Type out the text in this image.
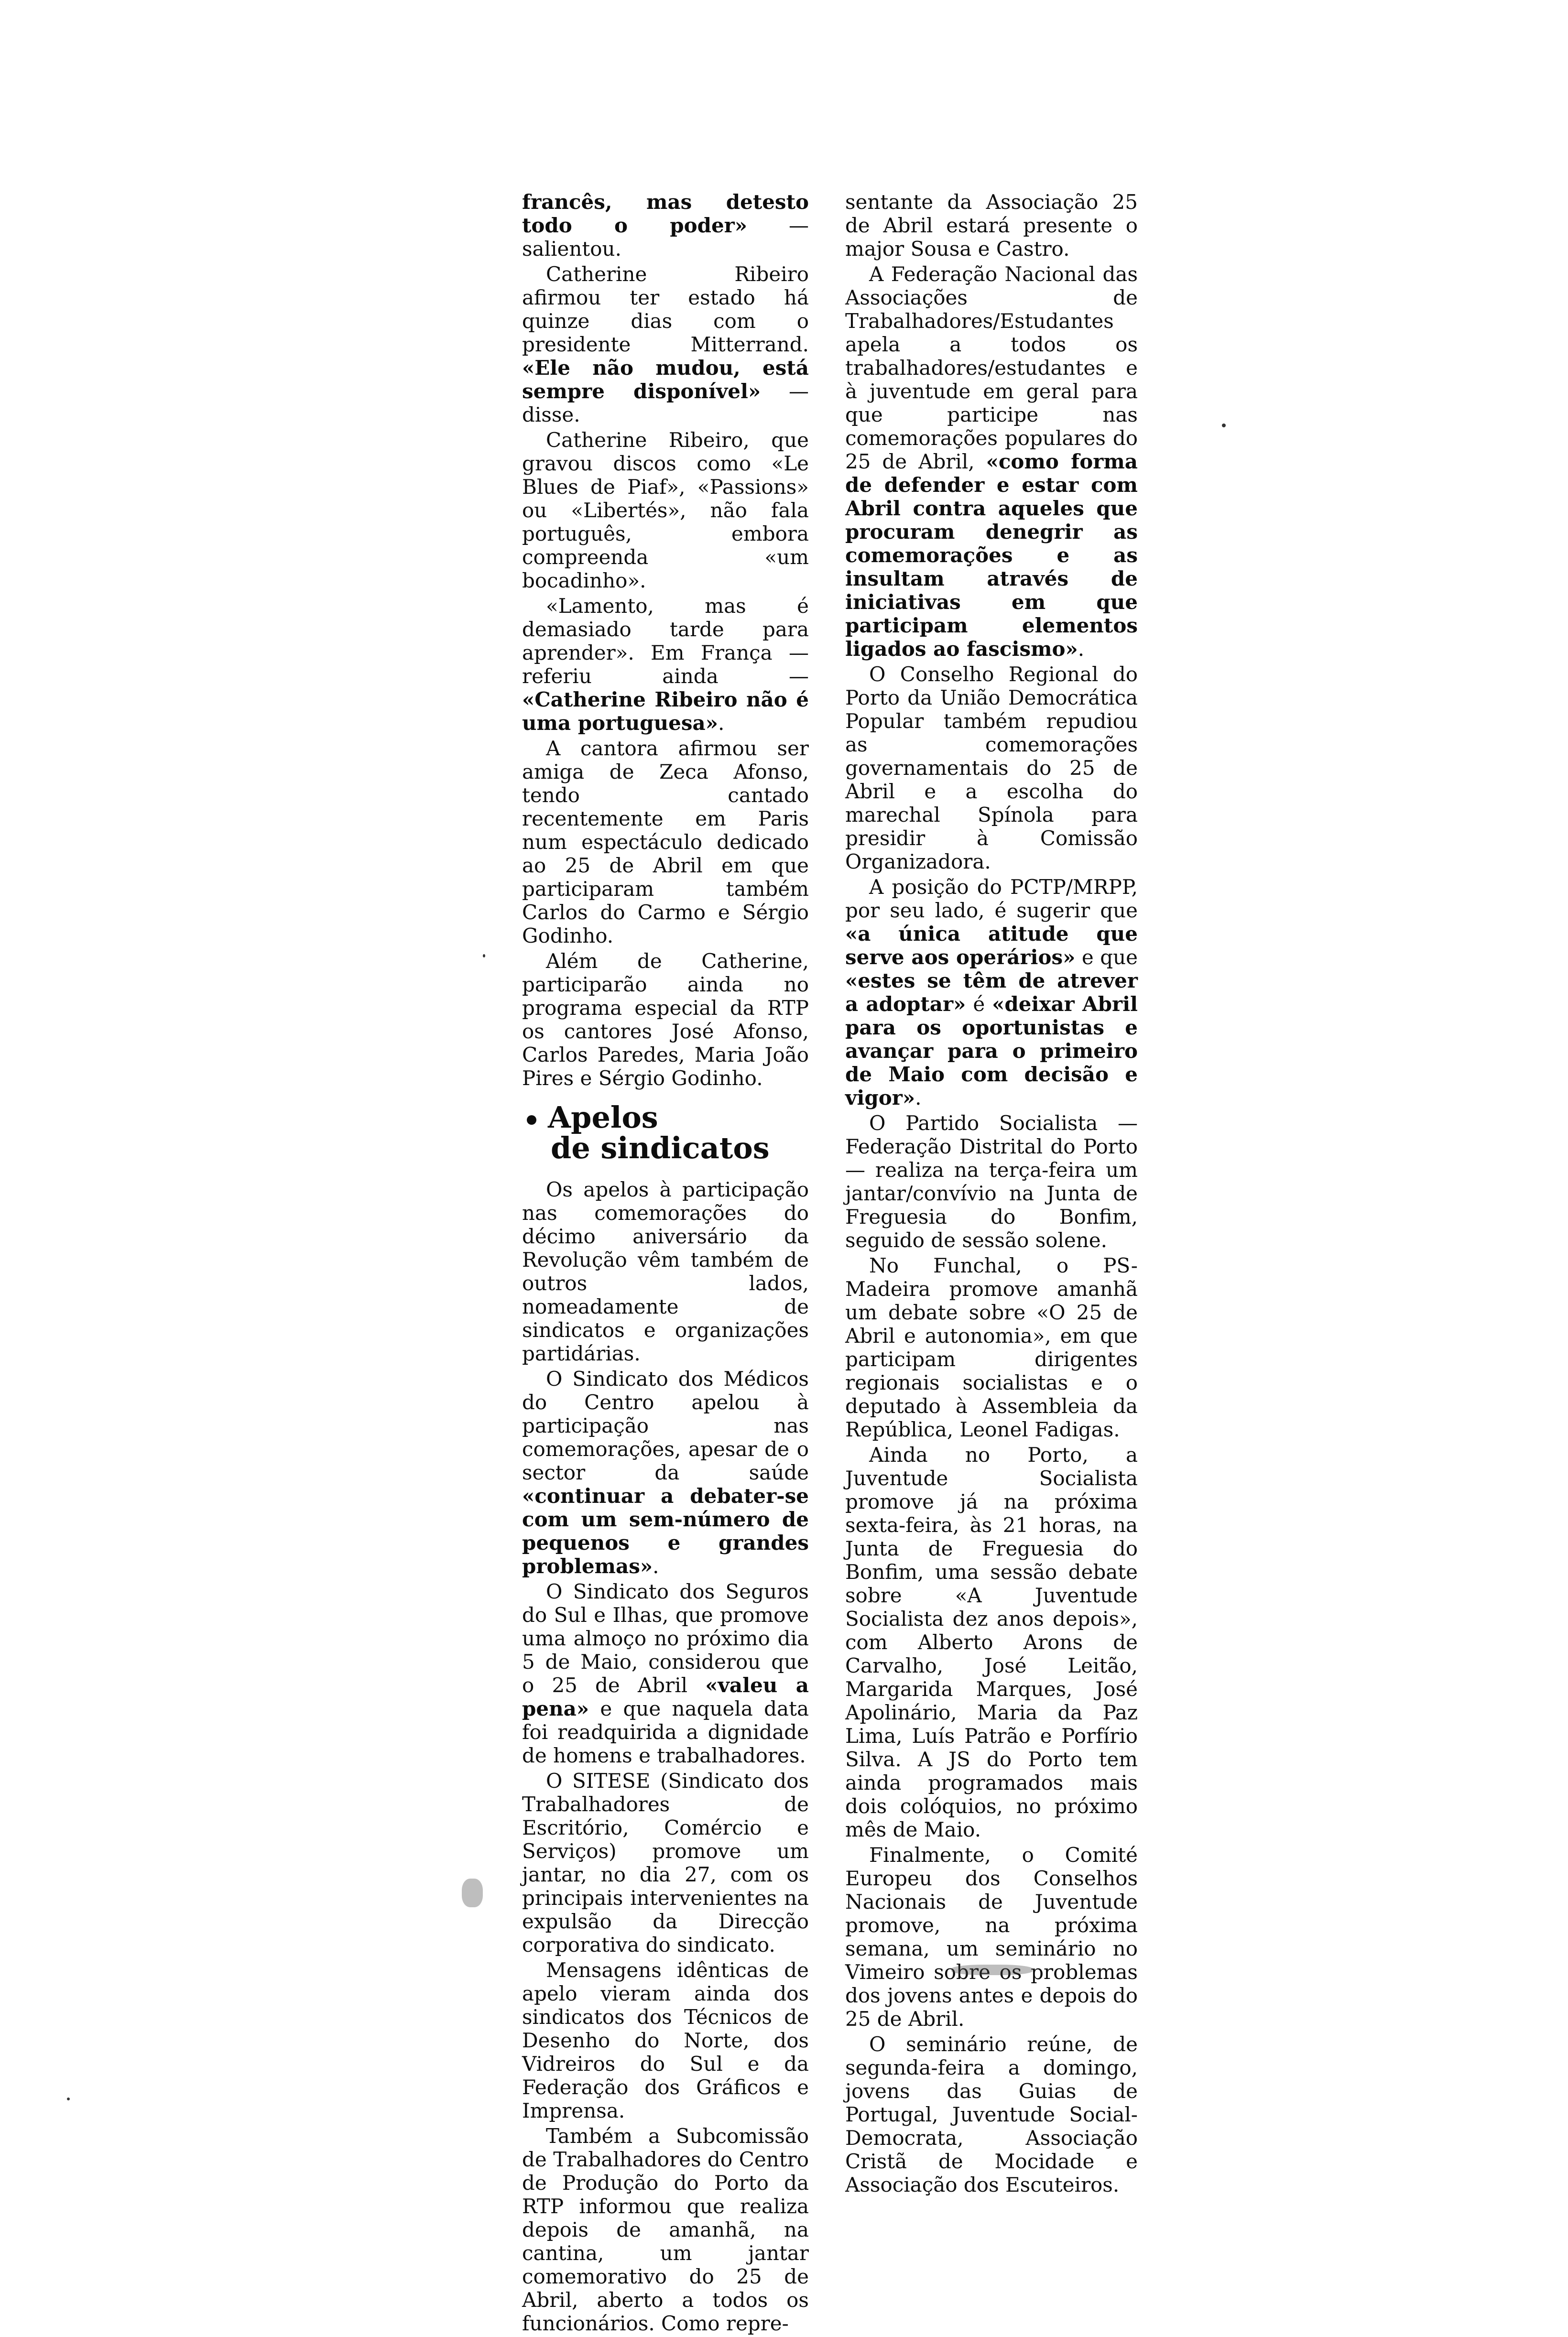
francês, mas detesto todo o poder» — salientou.

Catherine Ribeiro afirmou ter estado há quinze dias com o presidente Mitterrand. «Ele não mudou, está sempre disponível» — disse.

Catherine Ribeiro, que gravou discos como «Le Blues de Piaf», «Passions» ou «Libertés», não fala português, embora compreenda «um bocadinho».

«Lamento, mas é demasiado tarde para aprender». Em França — referiu ainda — «Catherine Ribeiro não é uma portuguesa».

A cantora afirmou ser amiga de Zeca Afonso, tendo cantado recentemente em Paris num espectáculo dedicado ao 25 de Abril em que participaram também Carlos do Carmo e Sérgio Godinho.

Além de Catherine, participarão ainda no programa especial da RTP os cantores José Afonso, Carlos Paredes, Maria João Pires e Sérgio Godinho.

Apelos
de sindicatos

Os apelos à participação nas comemorações do décimo aniversário da Revolução vêm também de outros lados, nomeadamente de sindicatos e organizações partidárias.

O Sindicato dos Médicos do Centro apelou à participação nas comemorações, apesar de o sector da saúde «continuar a debater-se com um sem-número de pequenos e grandes problemas».

O Sindicato dos Seguros do Sul e Ilhas, que promove uma almoço no próximo dia 5 de Maio, considerou que o 25 de Abril «valeu a pena» e que naquela data foi readquirida a dignidade de homens e trabalhadores.

O SITESE (Sindicato dos Trabalhadores de Escritório, Comércio e Serviços) promove um jantar, no dia 27, com os principais intervenientes na expulsão da Direcção corporativa do sindicato.

Mensagens idênticas de apelo vieram ainda dos sindicatos dos Técnicos de Desenho do Norte, dos Vidreiros do Sul e da Federação dos Gráficos e Imprensa.

Também a Subcomissão de Trabalhadores do Centro de Produção do Porto da RTP informou que realiza depois de amanhã, na cantina, um jantar comemorativo do 25 de Abril, aberto a todos os funcionários. Como repre-

sentante da Associação 25 de Abril estará presente o major Sousa e Castro.

A Federação Nacional das Associações de Trabalhadores/Estudantes apela a todos os trabalhadores/estudantes e à juventude em geral para que participe nas comemorações populares do 25 de Abril, «como forma de defender e estar com Abril contra aqueles que procuram denegrir as comemorações e as insultam através de iniciativas em que participam elementos ligados ao fascismo».

O Conselho Regional do Porto da União Democrática Popular também repudiou as comemorações governamentais do 25 de Abril e a escolha do marechal Spínola para presidir à Comissão Organizadora.

A posição do PCTP/MRPP, por seu lado, é sugerir que «a única atitude que serve aos operários» e que «estes se têm de atrever a adoptar» é «deixar Abril para os oportunistas e avançar para o primeiro de Maio com decisão e vigor».

O Partido Socialista — Federação Distrital do Porto — realiza na terça-feira um jantar/convívio na Junta de Freguesia do Bonfim, seguido de sessão solene.

No Funchal, o PS-Madeira promove amanhã um debate sobre «O 25 de Abril e autonomia», em que participam dirigentes regionais socialistas e o deputado à Assembleia da República, Leonel Fadigas.

Ainda no Porto, a Juventude Socialista promove já na próxima sexta-feira, às 21 horas, na Junta de Freguesia do Bonfim, uma sessão debate sobre «A Juventude Socialista dez anos depois», com Alberto Arons de Carvalho, José Leitão, Margarida Marques, José Apolinário, Maria da Paz Lima, Luís Patrão e Porfírio Silva. A JS do Porto tem ainda programados mais dois colóquios, no próximo mês de Maio.

Finalmente, o Comité Europeu dos Conselhos Nacionais de Juventude promove, na próxima semana, um seminário no Vimeiro sobre os problemas dos jovens antes e depois do 25 de Abril.

O seminário reúne, de segunda-feira a domingo, jovens das Guias de Portugal, Juventude Social-Democrata, Associação Cristã de Mocidade e Associação dos Escuteiros.
